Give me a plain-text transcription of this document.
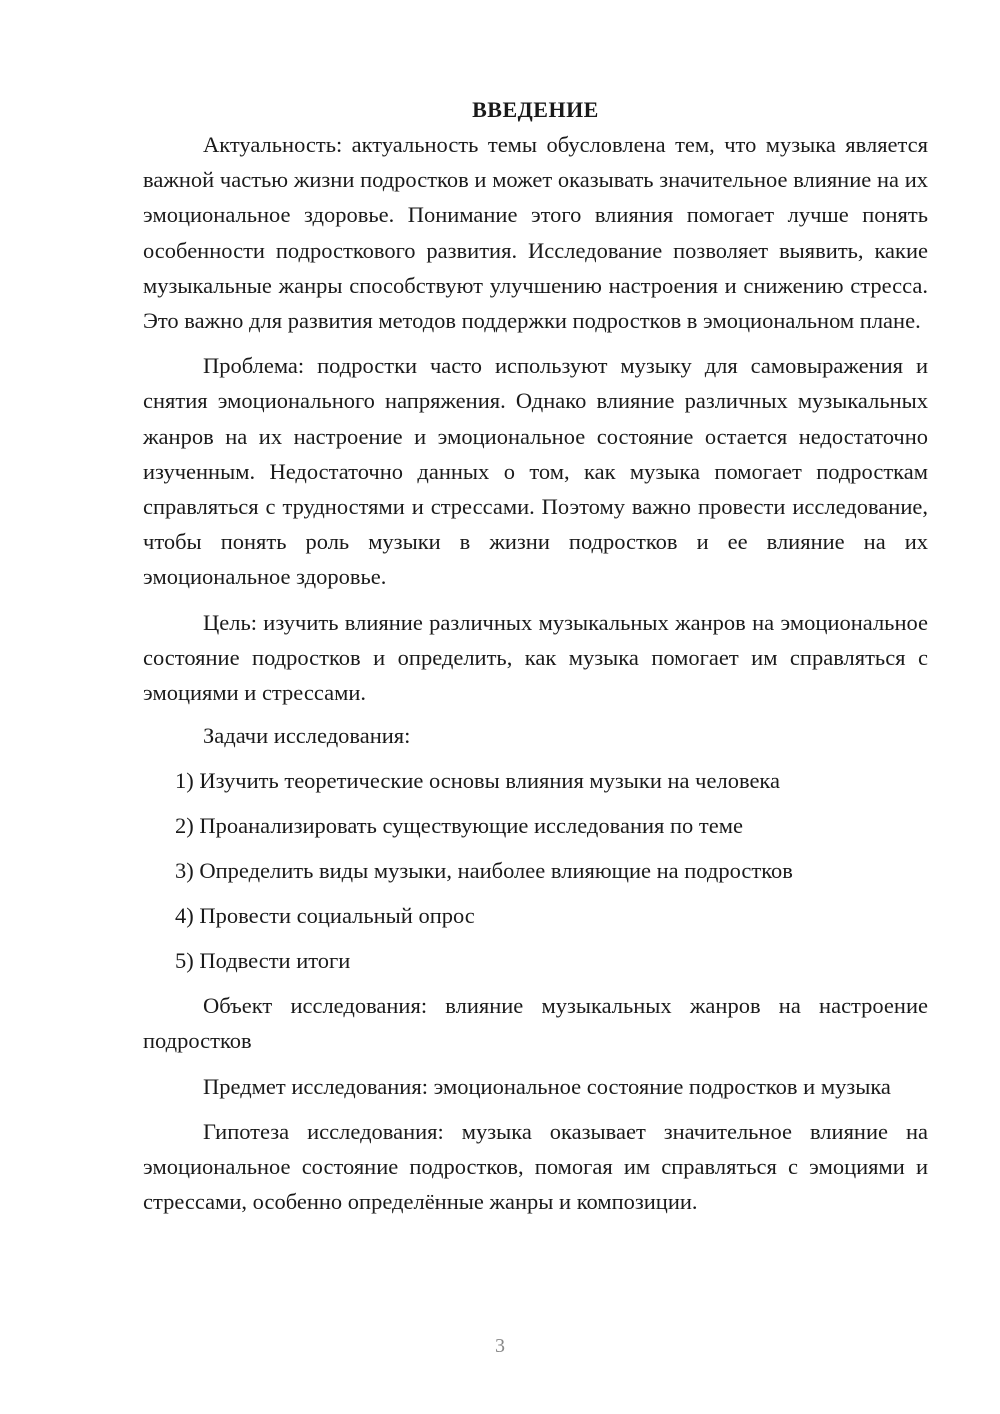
ВВЕДЕНИЕ

Актуальность: актуальность темы обусловлена тем, что музыка является важной частью жизни подростков и может оказывать значительное влияние на их эмоциональное здоровье. Понимание этого влияния помогает лучше понять особенности подросткового развития. Исследование позволяет выявить, какие музыкальные жанры способствуют улучшению настроения и снижению стресса. Это важно для развития методов поддержки подростков в эмоциональном плане.

Проблема: подростки часто используют музыку для самовыражения и снятия эмоционального напряжения. Однако влияние различных музыкальных жанров на их настроение и эмоциональное состояние остается недостаточно изученным. Недостаточно данных о том, как музыка помогает подросткам справляться с трудностями и стрессами. Поэтому важно провести исследование, чтобы понять роль музыки в жизни подростков и ее влияние на их эмоциональное здоровье.

Цель: изучить влияние различных музыкальных жанров на эмоциональное состояние подростков и определить, как музыка помогает им справляться с эмоциями и стрессами.

Задачи исследования:
1) Изучить теоретические основы влияния музыки на человека
2) Проанализировать существующие исследования по теме
3) Определить виды музыки, наиболее влияющие на подростков
4) Провести социальный опрос
5) Подвести итоги

Объект исследования: влияние музыкальных жанров на настроение подростков

Предмет исследования: эмоциональное состояние подростков и музыка

Гипотеза исследования: музыка оказывает значительное влияние на эмоциональное состояние подростков, помогая им справляться с эмоциями и стрессами, особенно определённые жанры и композиции.

3
